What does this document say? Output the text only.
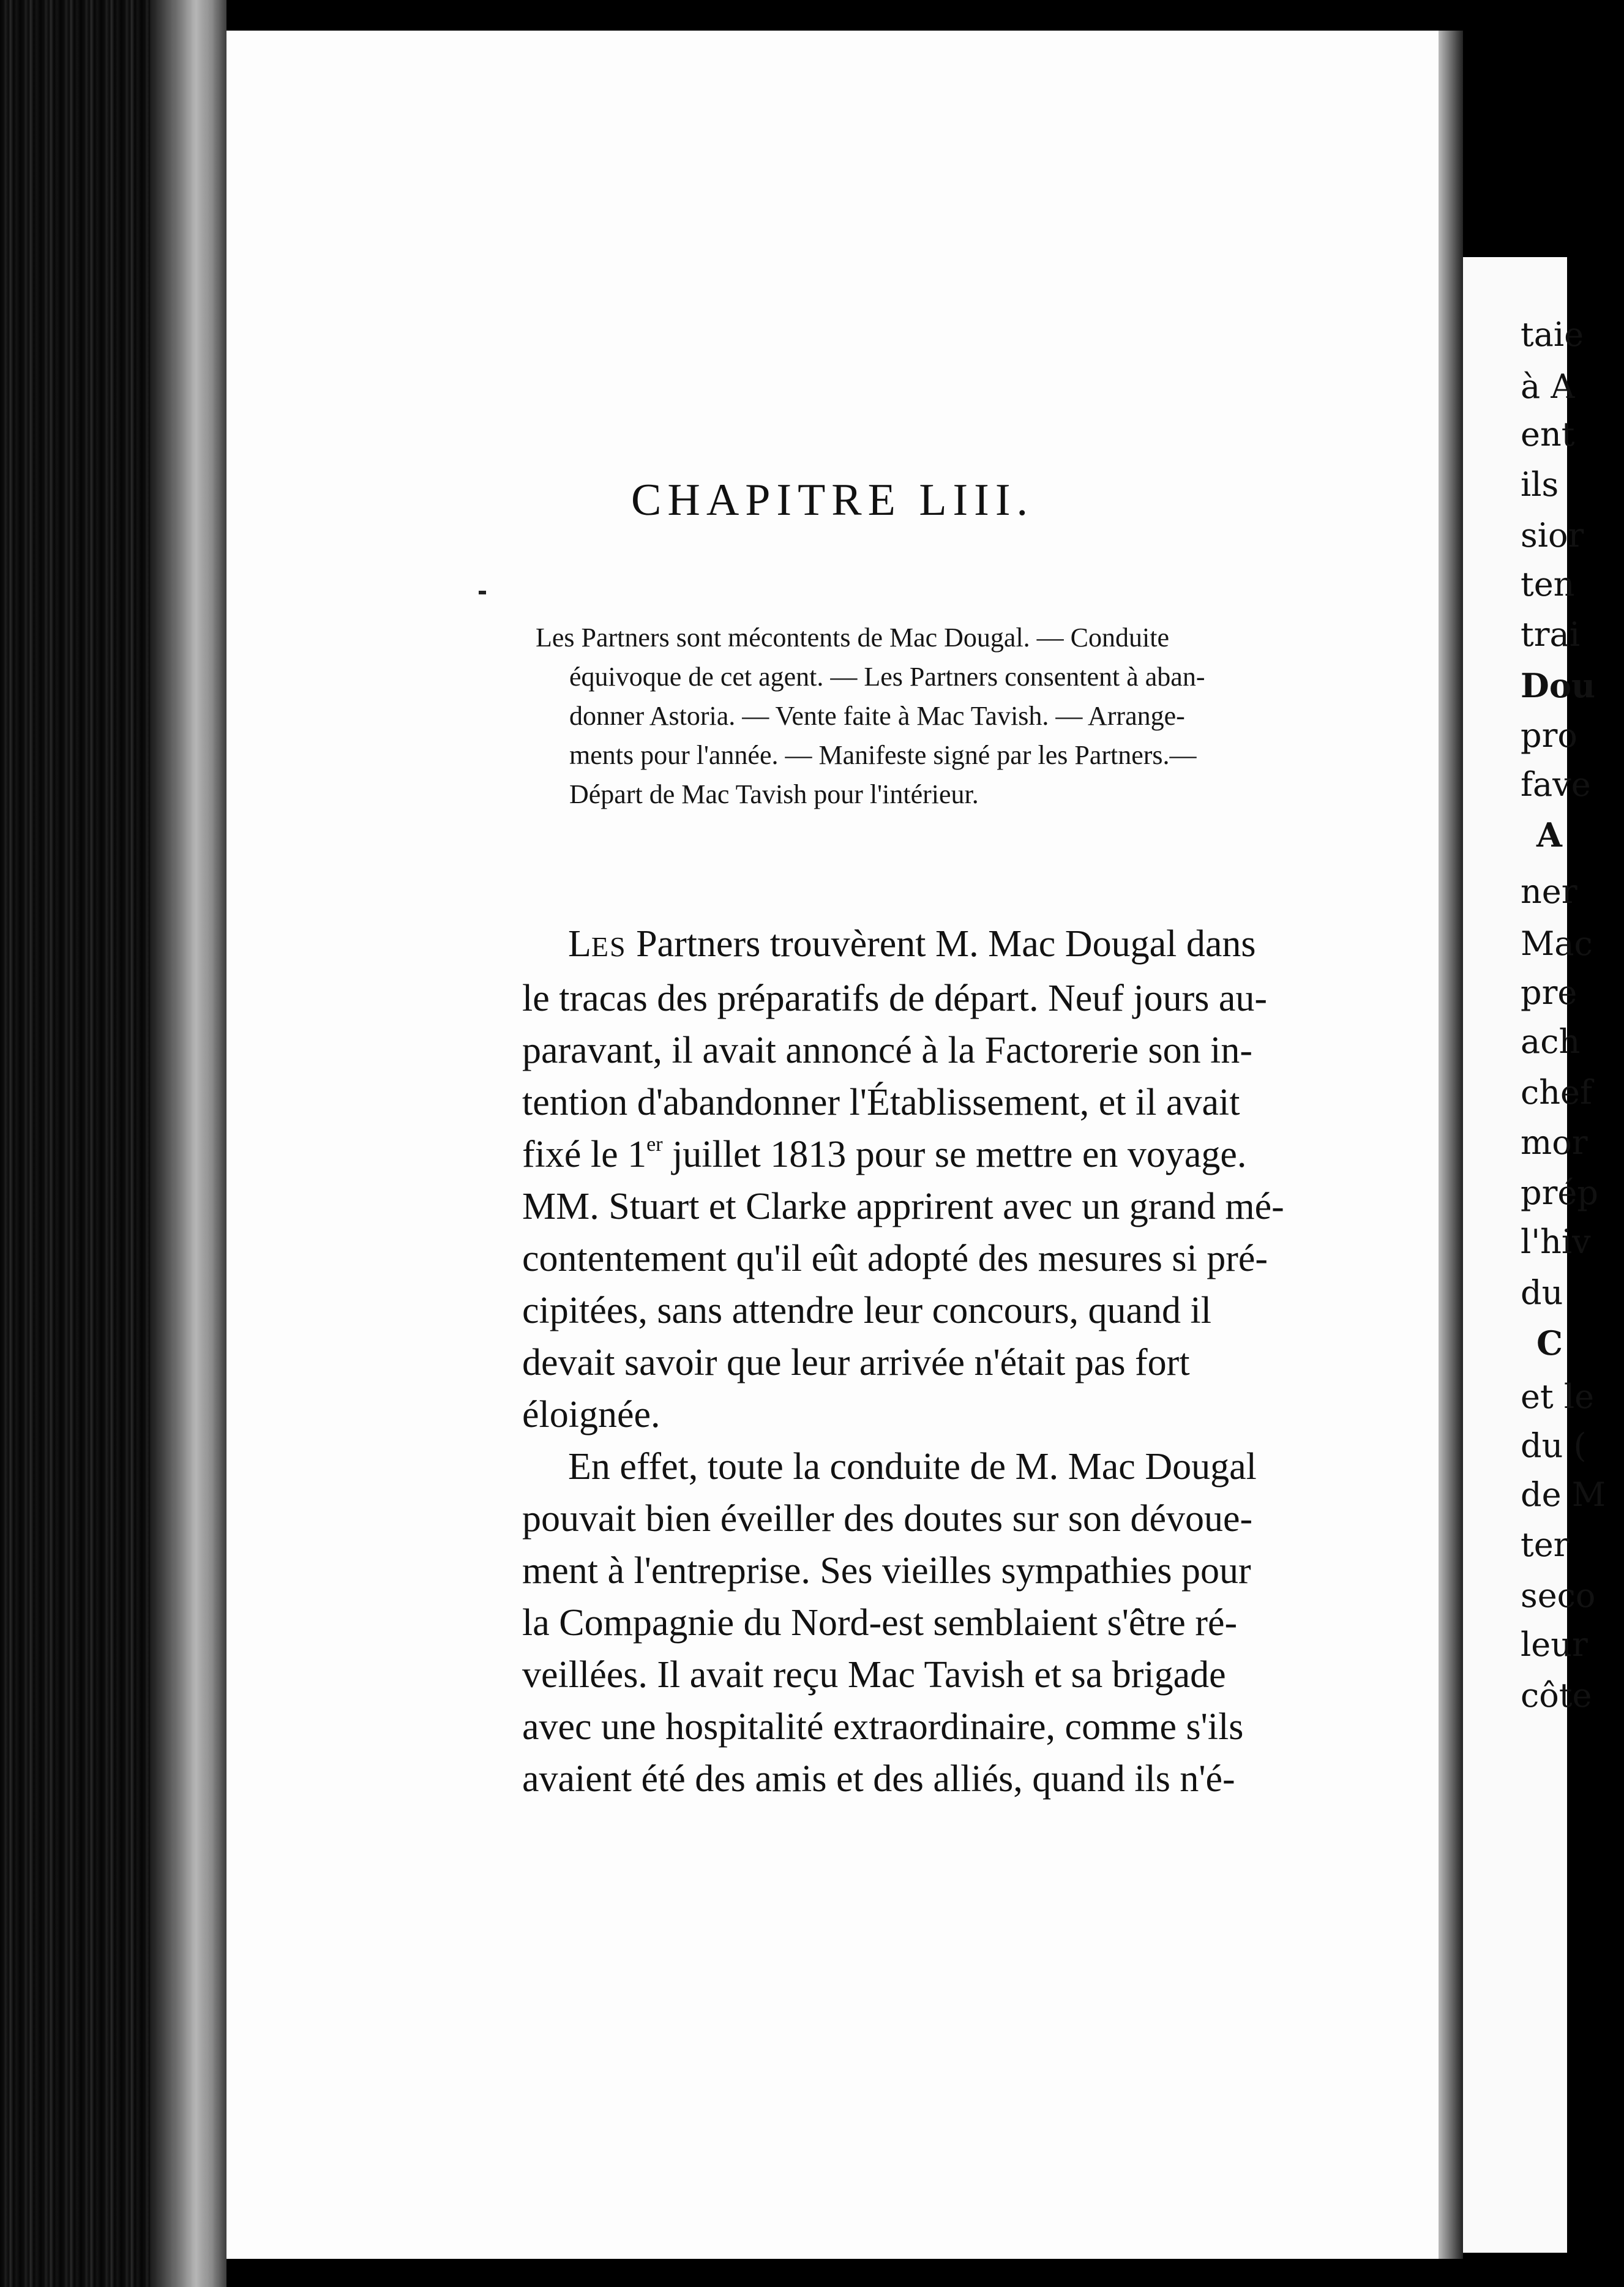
CHAPITRE LIII.
Les Partners sont mécontents de Mac Dougal. — Conduite
équivoque de cet agent. — Les Partners consentent à aban-
donner Astoria. — Vente faite à Mac Tavish. — Arrange-
ments pour l'année. — Manifeste signé par les Partners.—
Départ de Mac Tavish pour l'intérieur.
LES Partners trouvèrent M. Mac Dougal dans
le tracas des préparatifs de départ. Neuf jours au-
paravant, il avait annoncé à la Factorerie son in-
tention d'abandonner l'Établissement, et il avait
fixé le 1er juillet 1813 pour se mettre en voyage.
MM. Stuart et Clarke apprirent avec un grand mé-
contentement qu'il eût adopté des mesures si pré-
cipitées, sans attendre leur concours, quand il
devait savoir que leur arrivée n'était pas fort
éloignée.
En effet, toute la conduite de M. Mac Dougal
pouvait bien éveiller des doutes sur son dévoue-
ment à l'entreprise. Ses vieilles sympathies pour
la Compagnie du Nord-est semblaient s'être ré-
veillées. Il avait reçu Mac Tavish et sa brigade
avec une hospitalité extraordinaire, comme s'ils
avaient été des amis et des alliés, quand ils n'é-
taie
à A
ent
ils
sior
ten
trai
Dou
pro
fave
A
ner
Mac
pre
ach
chef
mor
prép
l'hiv
du
C
et le
du (
de M
ter
seco
leur
côte
